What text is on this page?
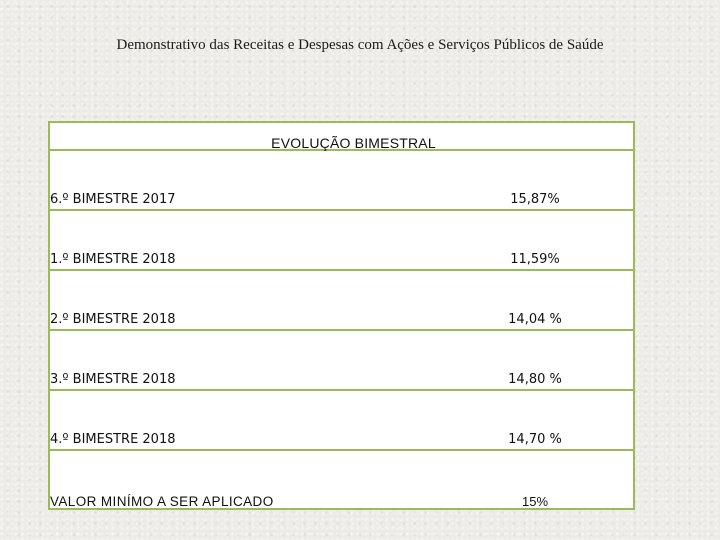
Demonstrativo das Receitas e Despesas com Ações e Serviços Públicos de Saúde
EVOLUÇÃO BIMESTRAL
6.º BIMESTRE 2017	15,87%
1.º BIMESTRE 2018	11,59%
2.º BIMESTRE 2018	14,04 %
3.º BIMESTRE 2018	14,80 %
4.º BIMESTRE 2018	14,70 %
VALOR MINÍMO A SER APLICADO	15%
